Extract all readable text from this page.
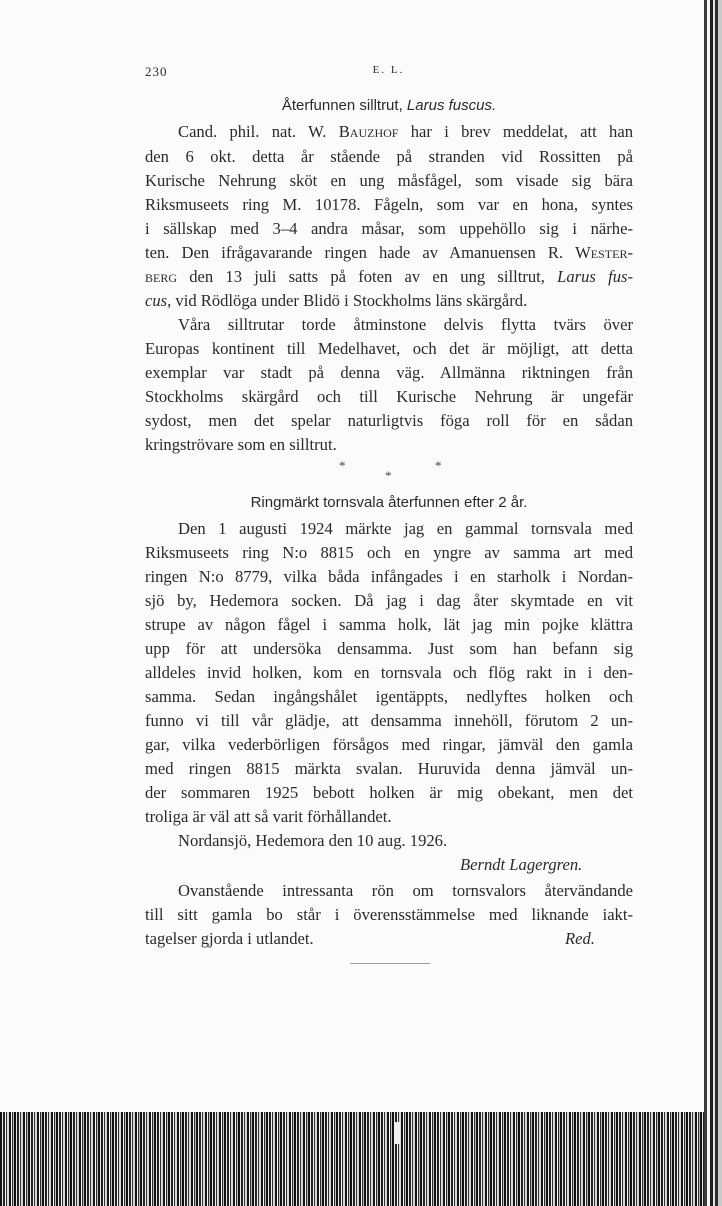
230	E. L.
Återfunnen silltrut, Larus fuscus.
Cand. phil. nat. W. Bauzhof har i brev meddelat, att han
den 6 okt. detta år stående på stranden vid Rossitten på
Kurische Nehrung sköt en ung måsfågel, som visade sig bära
Riksmuseets ring M. 10178. Fågeln, som var en hona, syntes
i sällskap med 3–4 andra måsar, som uppehöllo sig i närhe-
ten. Den ifrågavarande ringen hade av Amanuensen R. Wester-
berg den 13 juli satts på foten av en ung silltrut, Larus fus-
cus, vid Rödlöga under Blidö i Stockholms läns skärgård.
Våra silltrutar torde åtminstone delvis flytta tvärs över
Europas kontinent till Medelhavet, och det är möjligt, att detta
exemplar var stadt på denna väg. Allmänna riktningen från
Stockholms skärgård och till Kurische Nehrung är ungefär
sydost, men det spelar naturligtvis föga roll för en sådan
kringströvare som en silltrut.
*	*
*
Ringmärkt tornsvala återfunnen efter 2 år.
Den 1 augusti 1924 märkte jag en gammal tornsvala med
Riksmuseets ring N:o 8815 och en yngre av samma art med
ringen N:o 8779, vilka båda infångades i en starholk i Nordan-
sjö by, Hedemora socken. Då jag i dag åter skymtade en vit
strupe av någon fågel i samma holk, lät jag min pojke klättra
upp för att undersöka densamma. Just som han befann sig
alldeles invid holken, kom en tornsvala och flög rakt in i den-
samma. Sedan ingångshålet igentäppts, nedlyftes holken och
funno vi till vår glädje, att densamma innehöll, förutom 2 un-
gar, vilka vederbörligen försågos med ringar, jämväl den gamla
med ringen 8815 märkta svalan. Huruvida denna jämväl un-
der sommaren 1925 bebott holken är mig obekant, men det
troliga är väl att så varit förhållandet.
Nordansjö, Hedemora den 10 aug. 1926.
Berndt Lagergren.
Ovanstående intressanta rön om tornsvalors återvändande
till sitt gamla bo står i överensstämmelse med liknande iakt-
tagelser gjorda i utlandet.	Red.
